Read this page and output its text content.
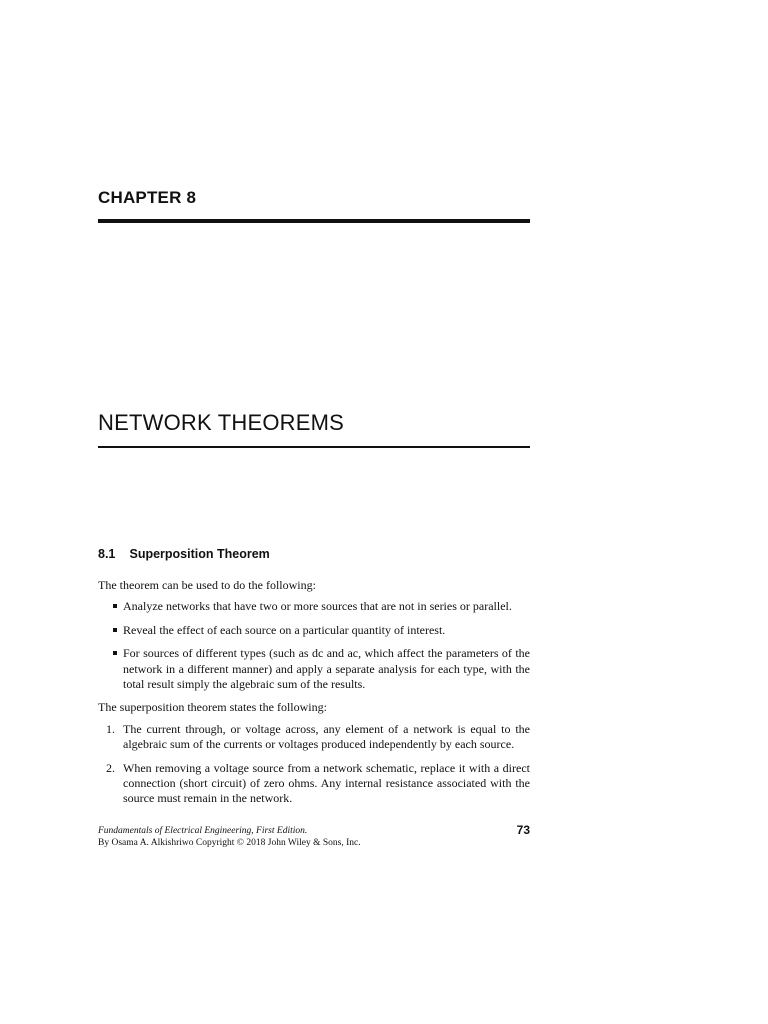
CHAPTER 8
NETWORK THEOREMS
8.1 Superposition Theorem

The theorem can be used to do the following:

Analyze networks that have two or more sources that are not in series or parallel.
Reveal the effect of each source on a particular quantity of interest.
For sources of different types (such as dc and ac, which affect the parameters of the network in a different manner) and apply a separate analysis for each type, with the total result simply the algebraic sum of the results.

The superposition theorem states the following:

1. The current through, or voltage across, any element of a network is equal to the algebraic sum of the currents or voltages produced independently by each source.
2. When removing a voltage source from a network schematic, replace it with a direct connection (short circuit) of zero ohms. Any internal resistance associated with the source must remain in the network.
Fundamentals of Electrical Engineering, First Edition.
By Osama A. Alkishriwo Copyright © 2018 John Wiley & Sons, Inc.
73
